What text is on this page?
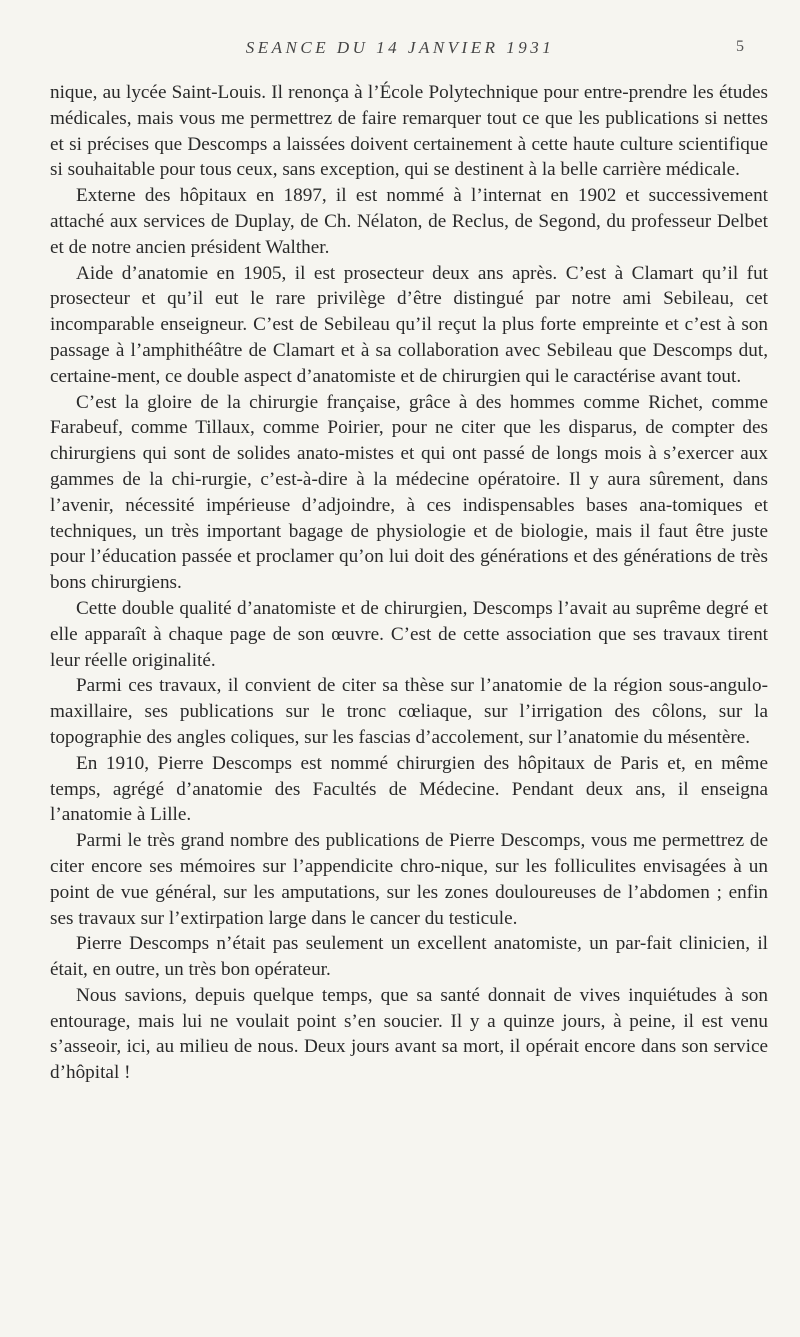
SEANCE DU 14 JANVIER 1931	5

nique, au lycée Saint-Louis. Il renonça à l’École Polytechnique pour entre-prendre les études médicales, mais vous me permettrez de faire remarquer tout ce que les publications si nettes et si précises que Descomps a laissées doivent certainement à cette haute culture scientifique si souhaitable pour tous ceux, sans exception, qui se destinent à la belle carrière médicale.

Externe des hôpitaux en 1897, il est nommé à l’internat en 1902 et successivement attaché aux services de Duplay, de Ch. Nélaton, de Reclus, de Segond, du professeur Delbet et de notre ancien président Walther.

Aide d’anatomie en 1905, il est prosecteur deux ans après. C’est à Clamart qu’il fut prosecteur et qu’il eut le rare privilège d’être distingué par notre ami Sebileau, cet incomparable enseigneur. C’est de Sebileau qu’il reçut la plus forte empreinte et c’est à son passage à l’amphithéâtre de Clamart et à sa collaboration avec Sebileau que Descomps dut, certaine-ment, ce double aspect d’anatomiste et de chirurgien qui le caractérise avant tout.

C’est la gloire de la chirurgie française, grâce à des hommes comme Richet, comme Farabeuf, comme Tillaux, comme Poirier, pour ne citer que les disparus, de compter des chirurgiens qui sont de solides anato-mistes et qui ont passé de longs mois à s’exercer aux gammes de la chi-rurgie, c’est-à-dire à la médecine opératoire. Il y aura sûrement, dans l’avenir, nécessité impérieuse d’adjoindre, à ces indispensables bases ana-tomiques et techniques, un très important bagage de physiologie et de biologie, mais il faut être juste pour l’éducation passée et proclamer qu’on lui doit des générations et des générations de très bons chirurgiens.

Cette double qualité d’anatomiste et de chirurgien, Descomps l’avait au suprême degré et elle apparaît à chaque page de son œuvre. C’est de cette association que ses travaux tirent leur réelle originalité.

Parmi ces travaux, il convient de citer sa thèse sur l’anatomie de la région sous-angulo-maxillaire, ses publications sur le tronc cœliaque, sur l’irrigation des côlons, sur la topographie des angles coliques, sur les fascias d’accolement, sur l’anatomie du mésentère.

En 1910, Pierre Descomps est nommé chirurgien des hôpitaux de Paris et, en même temps, agrégé d’anatomie des Facultés de Médecine. Pendant deux ans, il enseigna l’anatomie à Lille.

Parmi le très grand nombre des publications de Pierre Descomps, vous me permettrez de citer encore ses mémoires sur l’appendicite chro-nique, sur les folliculites envisagées à un point de vue général, sur les amputations, sur les zones douloureuses de l’abdomen ; enfin ses travaux sur l’extirpation large dans le cancer du testicule.

Pierre Descomps n’était pas seulement un excellent anatomiste, un par-fait clinicien, il était, en outre, un très bon opérateur.

Nous savions, depuis quelque temps, que sa santé donnait de vives inquiétudes à son entourage, mais lui ne voulait point s’en soucier. Il y a quinze jours, à peine, il est venu s’asseoir, ici, au milieu de nous. Deux jours avant sa mort, il opérait encore dans son service d’hôpital !
